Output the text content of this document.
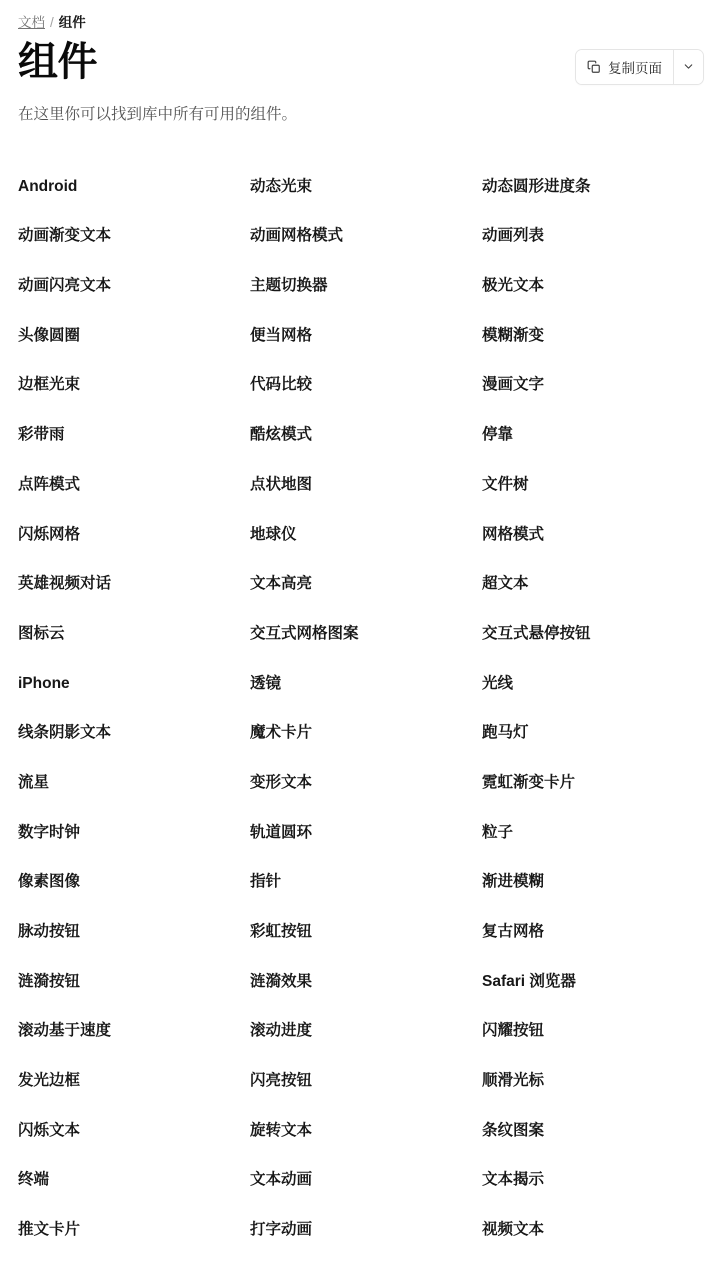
文档 / 组件
组件	复制页面

在这里你可以找到库中所有可用的组件。

Android	动态光束	动态圆形进度条
动画渐变文本	动画网格模式	动画列表
动画闪亮文本	主题切换器	极光文本
头像圆圈	便当网格	模糊渐变
边框光束	代码比较	漫画文字
彩带雨	酷炫模式	停靠
点阵模式	点状地图	文件树
闪烁网格	地球仪	网格模式
英雄视频对话	文本高亮	超文本
图标云	交互式网格图案	交互式悬停按钮
iPhone	透镜	光线
线条阴影文本	魔术卡片	跑马灯
流星	变形文本	霓虹渐变卡片
数字时钟	轨道圆环	粒子
像素图像	指针	渐进模糊
脉动按钮	彩虹按钮	复古网格
涟漪按钮	涟漪效果	Safari 浏览器
滚动基于速度	滚动进度	闪耀按钮
发光边框	闪亮按钮	顺滑光标
闪烁文本	旋转文本	条纹图案
终端	文本动画	文本揭示
推文卡片	打字动画	视频文本
